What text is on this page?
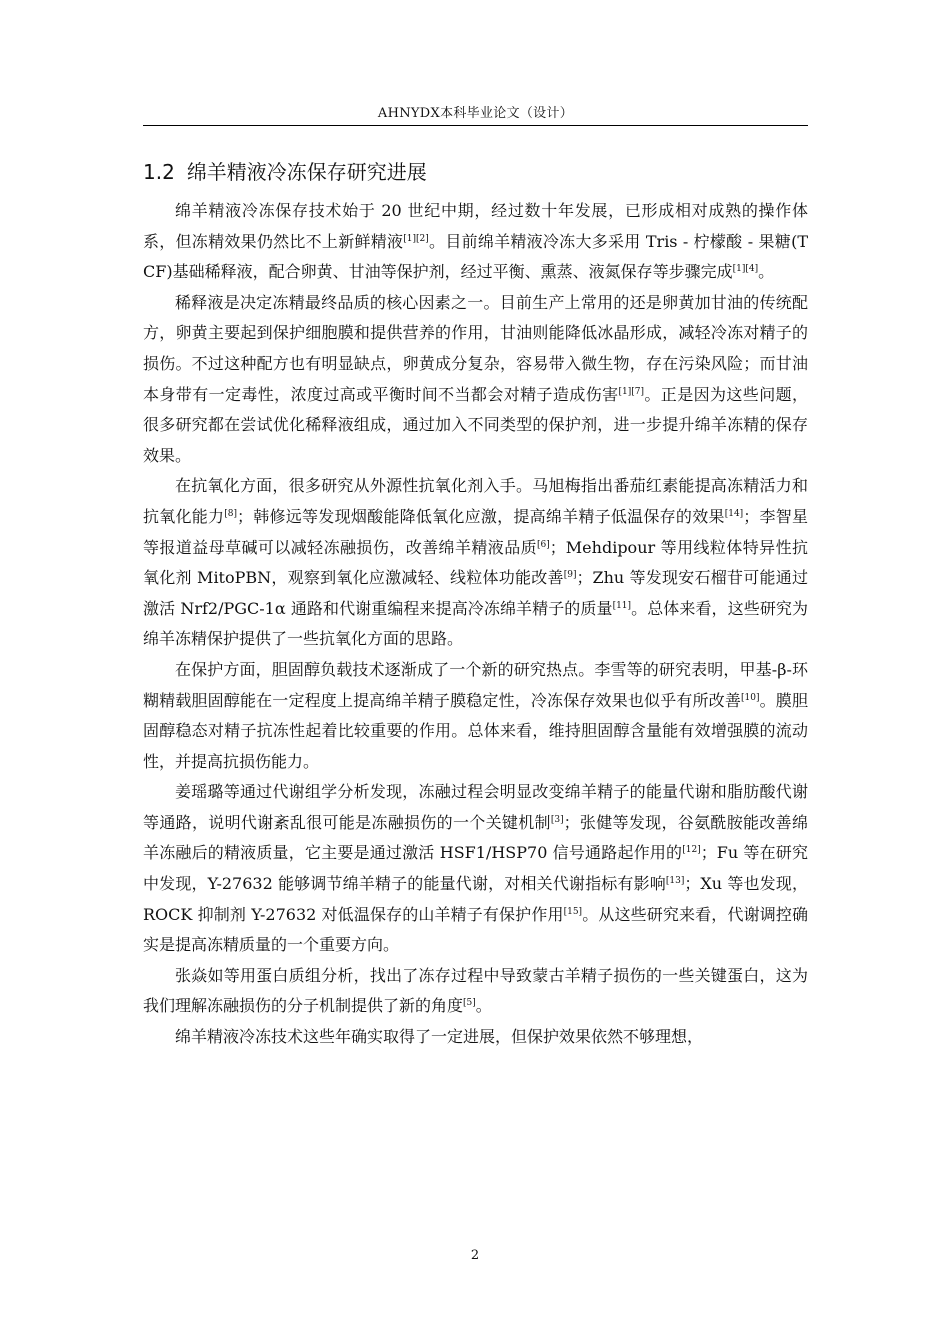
AHNYDX本科毕业论文（设计）
1.2 绵羊精液冷冻保存研究进展

绵羊精液冷冻保存技术始于 20 世纪中期，经过数十年发展，已形成相对成熟的操作体系，但冻精效果仍然比不上新鲜精液[1][2]。目前绵羊精液冷冻大多采用 Tris - 柠檬酸 - 果糖(TCF)基础稀释液，配合卵黄、甘油等保护剂，经过平衡、熏蒸、液氮保存等步骤完成[1][4]。

稀释液是决定冻精最终品质的核心因素之一。目前生产上常用的还是卵黄加甘油的传统配方，卵黄主要起到保护细胞膜和提供营养的作用，甘油则能降低冰晶形成，减轻冷冻对精子的损伤。不过这种配方也有明显缺点，卵黄成分复杂，容易带入微生物，存在污染风险；而甘油本身带有一定毒性，浓度过高或平衡时间不当都会对精子造成伤害[1][7]。正是因为这些问题，很多研究都在尝试优化稀释液组成，通过加入不同类型的保护剂，进一步提升绵羊冻精的保存效果。

在抗氧化方面，很多研究从外源性抗氧化剂入手。马旭梅指出番茄红素能提高冻精活力和抗氧化能力[8]；韩修远等发现烟酸能降低氧化应激，提高绵羊精子低温保存的效果[14]；李智星等报道益母草碱可以减轻冻融损伤，改善绵羊精液品质[6]；Mehdipour 等用线粒体特异性抗氧化剂 MitoPBN，观察到氧化应激减轻、线粒体功能改善[9]；Zhu 等发现安石榴苷可能通过激活 Nrf2/PGC-1α 通路和代谢重编程来提高冷冻绵羊精子的质量[11]。总体来看，这些研究为绵羊冻精保护提供了一些抗氧化方面的思路。

在保护方面，胆固醇负载技术逐渐成了一个新的研究热点。李雪等的研究表明，甲基-β-环糊精载胆固醇能在一定程度上提高绵羊精子膜稳定性，冷冻保存效果也似乎有所改善[10]。膜胆固醇稳态对精子抗冻性起着比较重要的作用。总体来看，维持胆固醇含量能有效增强膜的流动性，并提高抗损伤能力。

姜瑶璐等通过代谢组学分析发现，冻融过程会明显改变绵羊精子的能量代谢和脂肪酸代谢等通路，说明代谢紊乱很可能是冻融损伤的一个关键机制[3]；张健等发现，谷氨酰胺能改善绵羊冻融后的精液质量，它主要是通过激活 HSF1/HSP70 信号通路起作用的[12]；Fu 等在研究中发现，Y-27632 能够调节绵羊精子的能量代谢，对相关代谢指标有影响[13]；Xu 等也发现，ROCK 抑制剂 Y-27632 对低温保存的山羊精子有保护作用[15]。从这些研究来看，代谢调控确实是提高冻精质量的一个重要方向。

张焱如等用蛋白质组分析，找出了冻存过程中导致蒙古羊精子损伤的一些关键蛋白，这为我们理解冻融损伤的分子机制提供了新的角度[5]。

绵羊精液冷冻技术这些年确实取得了一定进展，但保护效果依然不够理想，

2
